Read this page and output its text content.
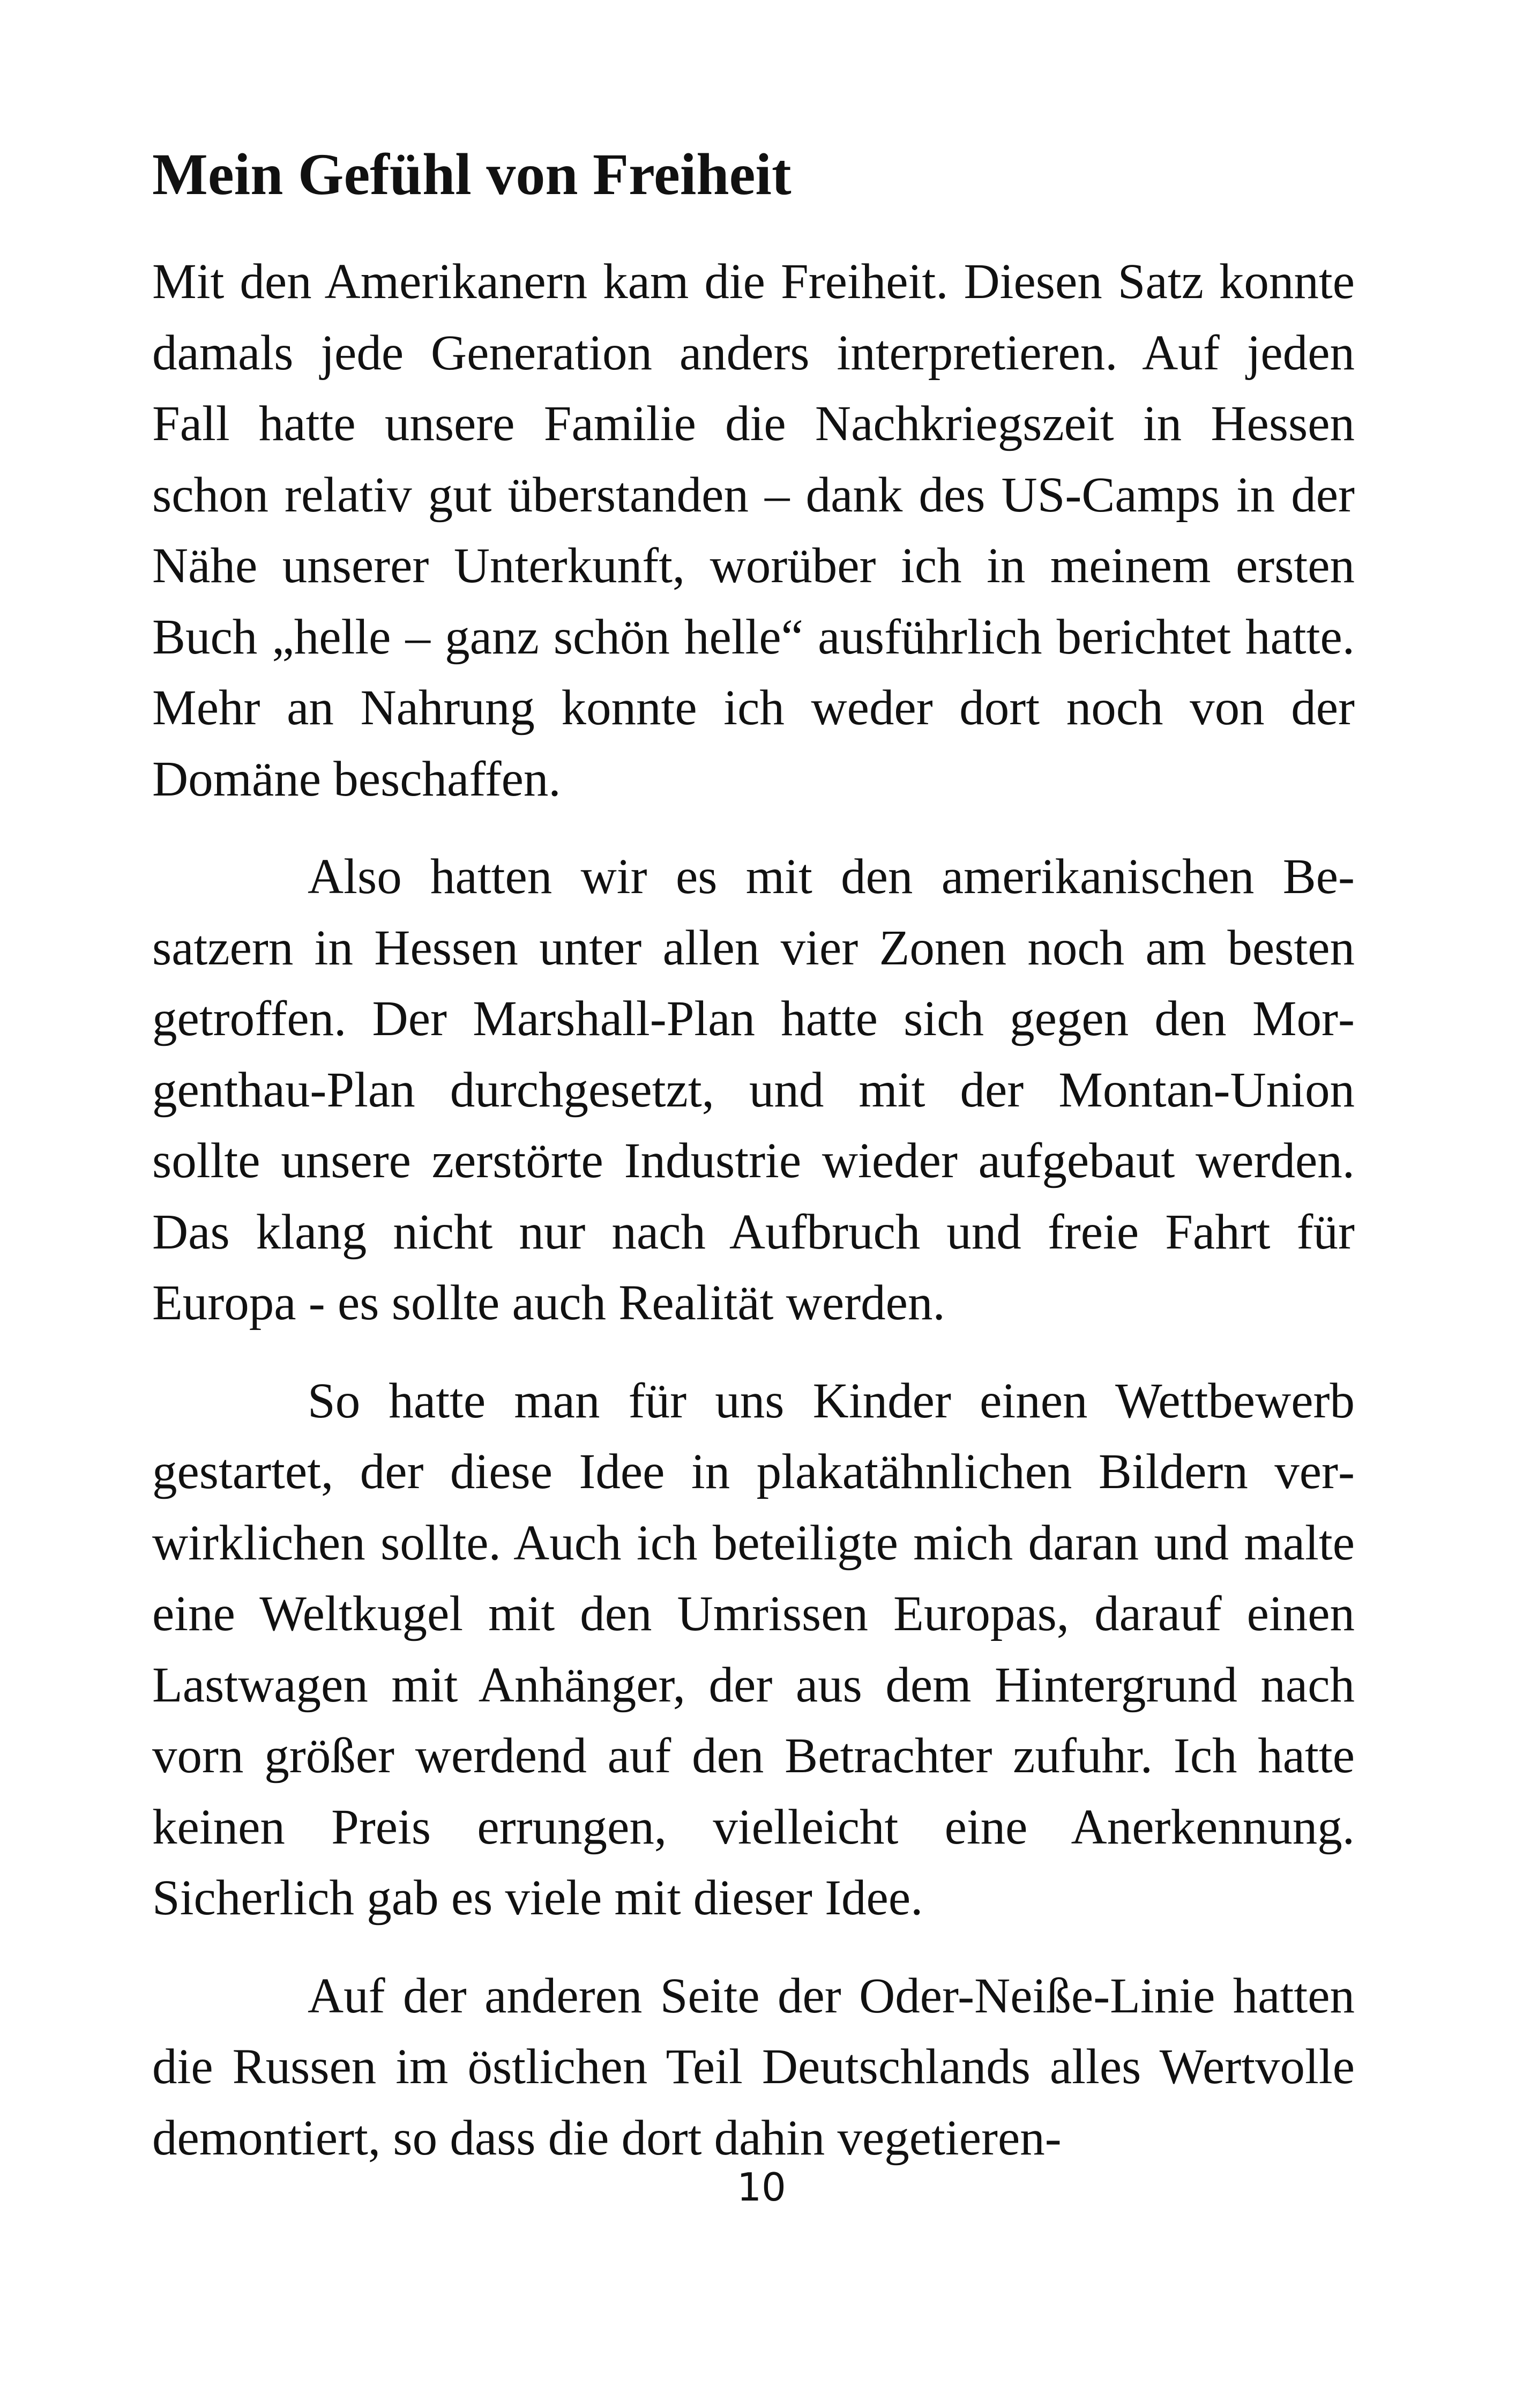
Mein Gefühl von Freiheit

Mit den Amerikanern kam die Freiheit. Diesen Satz konnte damals jede Generation anders interpretieren. Auf jeden Fall hatte unsere Familie die Nachkriegszeit in Hessen schon relativ gut überstanden – dank des US-Camps in der Nähe unserer Unterkunft, worüber ich in meinem ersten Buch „helle – ganz schön helle“ ausführlich berichtet hatte. Mehr an Nahrung konnte ich weder dort noch von der Domäne beschaffen.

Also hatten wir es mit den amerikanischen Besatzern in Hessen unter allen vier Zonen noch am besten getroffen. Der Marshall-Plan hatte sich gegen den Morgenthau-Plan durchgesetzt, und mit der Montan-Union sollte unsere zerstörte Industrie wieder aufgebaut werden. Das klang nicht nur nach Aufbruch und freie Fahrt für Europa - es sollte auch Realität werden.

So hatte man für uns Kinder einen Wettbewerb gestartet, der diese Idee in plakatähnlichen Bildern verwirklichen sollte. Auch ich beteiligte mich daran und malte eine Weltkugel mit den Umrissen Europas, darauf einen Lastwagen mit Anhänger, der aus dem Hintergrund nach vorn größer werdend auf den Betrachter zufuhr. Ich hatte keinen Preis errungen, vielleicht eine Anerkennung. Sicherlich gab es viele mit dieser Idee.

Auf der anderen Seite der Oder-Neiße-Linie hatten die Russen im östlichen Teil Deutschlands alles Wertvolle demontiert, so dass die dort dahin vegetieren-

10
